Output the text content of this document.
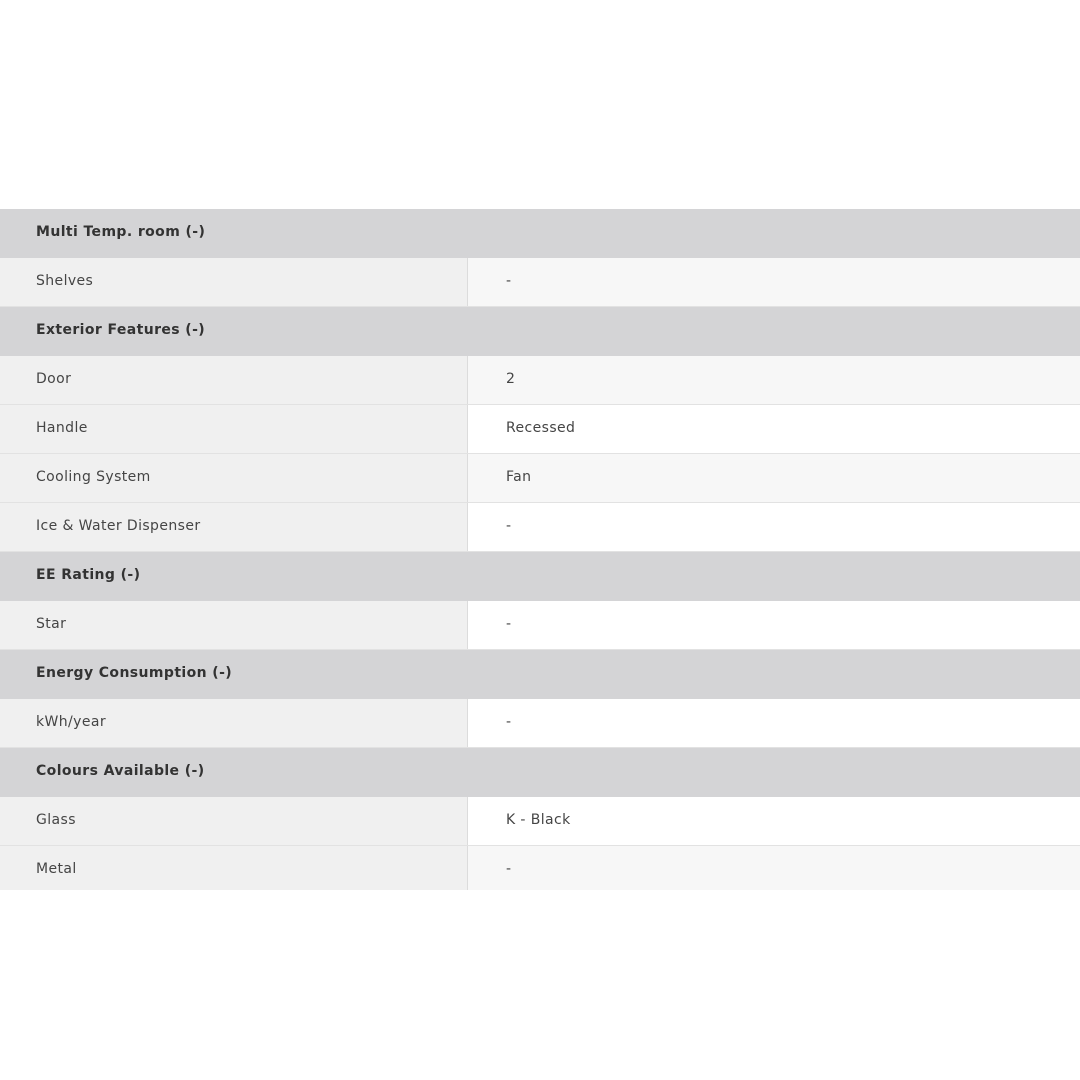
Multi Temp. room (-)
Shelves	-
Exterior Features (-)
Door	2
Handle	Recessed
Cooling System	Fan
Ice & Water Dispenser	-
EE Rating (-)
Star	-
Energy Consumption (-)
kWh/year	-
Colours Available (-)
Glass	K - Black
Metal	-
